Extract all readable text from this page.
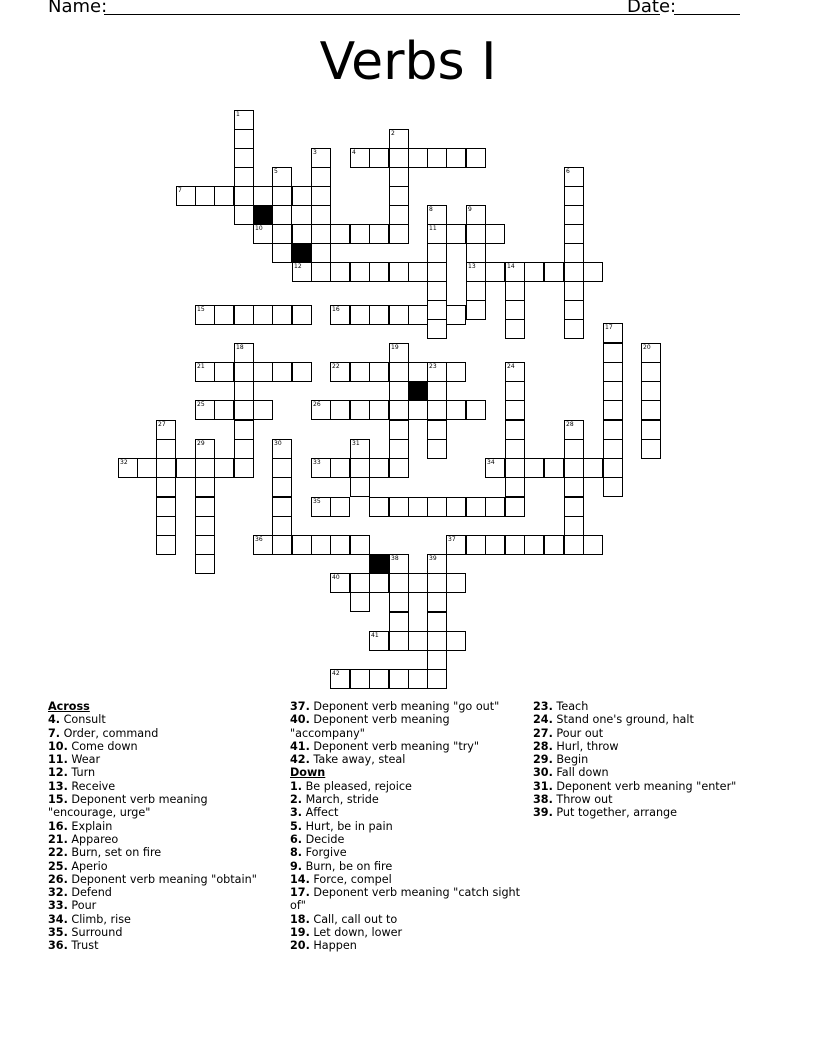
Name:	Date:
Verbs I
1
2
3	4
5	6
7
8	9
10	11
12	13	14
15	16
17
18	19	20
21	22	23	24
25	26
27	28
29	30	31
32	33	34
35
36	37
38	39
40
41
42
Across
4. Consult
7. Order, command
10. Come down
11. Wear
12. Turn
13. Receive
15. Deponent verb meaning "encourage, urge"
16. Explain
21. Appareo
22. Burn, set on fire
25. Aperio
26. Deponent verb meaning "obtain"
32. Defend
33. Pour
34. Climb, rise
35. Surround
36. Trust
37. Deponent verb meaning "go out"
40. Deponent verb meaning "accompany"
41. Deponent verb meaning "try"
42. Take away, steal
Down
1. Be pleased, rejoice
2. March, stride
3. Affect
5. Hurt, be in pain
6. Decide
8. Forgive
9. Burn, be on fire
14. Force, compel
17. Deponent verb meaning "catch sight of"
18. Call, call out to
19. Let down, lower
20. Happen
23. Teach
24. Stand one's ground, halt
27. Pour out
28. Hurl, throw
29. Begin
30. Fall down
31. Deponent verb meaning "enter"
38. Throw out
39. Put together, arrange
